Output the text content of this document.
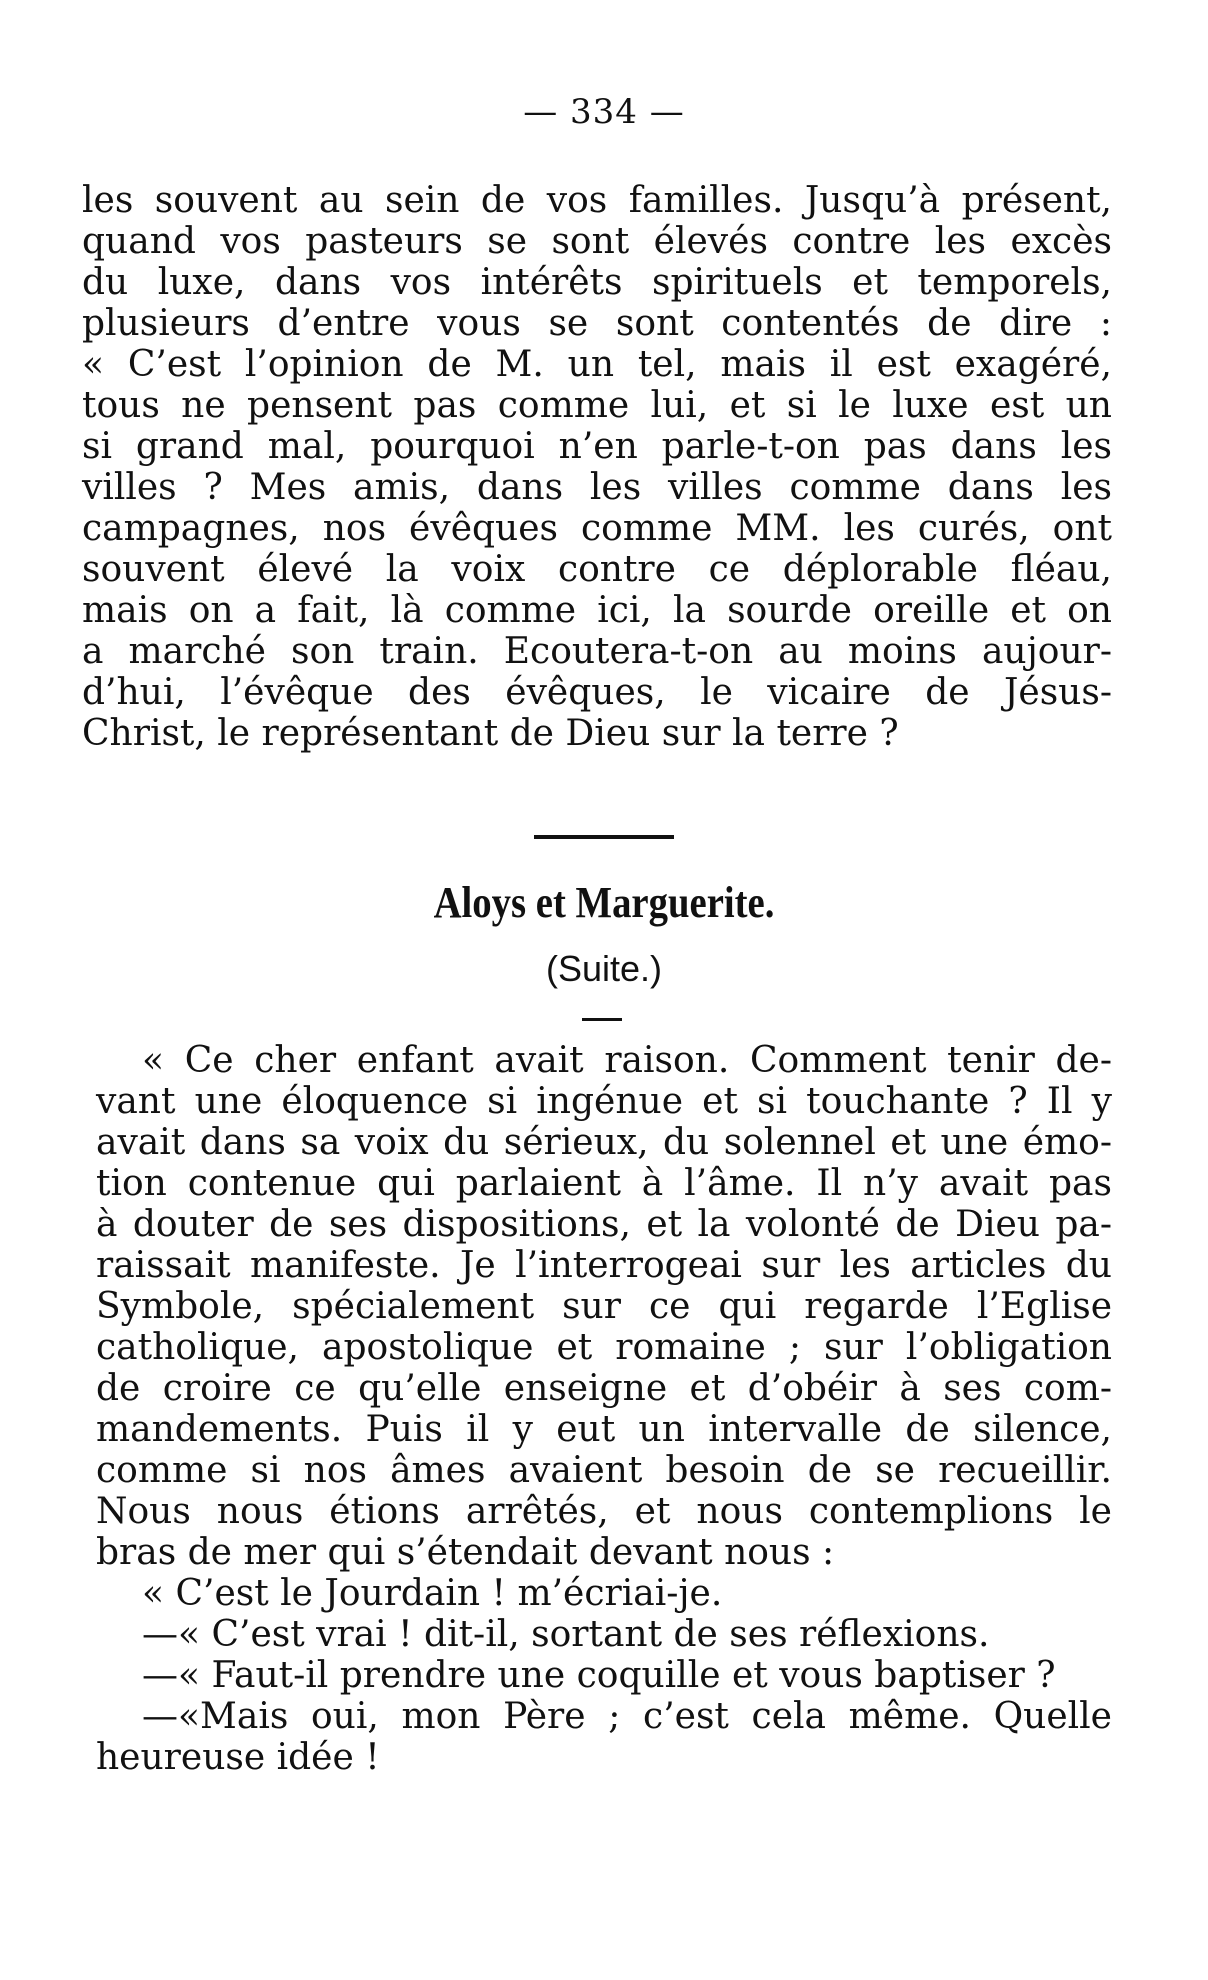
— 334 —
les souvent au sein de vos familles. Jusqu’à présent,
quand vos pasteurs se sont élevés contre les excès
du luxe, dans vos intérêts spirituels et temporels,
plusieurs d’entre vous se sont contentés de dire :
« C’est l’opinion de M. un tel, mais il est exagéré,
tous ne pensent pas comme lui, et si le luxe est un
si grand mal, pourquoi n’en parle-t-on pas dans les
villes ? Mes amis, dans les villes comme dans les
campagnes, nos évêques comme MM. les curés, ont
souvent élevé la voix contre ce déplorable fléau,
mais on a fait, là comme ici, la sourde oreille et on
a marché son train. Ecoutera-t-on au moins aujour-
d’hui, l’évêque des évêques, le vicaire de Jésus-
Christ, le représentant de Dieu sur la terre ?
Aloys et Marguerite.
(Suite.)
« Ce cher enfant avait raison. Comment tenir de-
vant une éloquence si ingénue et si touchante ? Il y
avait dans sa voix du sérieux, du solennel et une émo-
tion contenue qui parlaient à l’âme. Il n’y avait pas
à douter de ses dispositions, et la volonté de Dieu pa-
raissait manifeste. Je l’interrogeai sur les articles du
Symbole, spécialement sur ce qui regarde l’Eglise
catholique, apostolique et romaine ; sur l’obligation
de croire ce qu’elle enseigne et d’obéir à ses com-
mandements. Puis il y eut un intervalle de silence,
comme si nos âmes avaient besoin de se recueillir.
Nous nous étions arrêtés, et nous contemplions le
bras de mer qui s’étendait devant nous :
« C’est le Jourdain ! m’écriai-je.
—« C’est vrai ! dit-il, sortant de ses réflexions.
—« Faut-il prendre une coquille et vous baptiser ?
—«Mais oui, mon Père ; c’est cela même. Quelle
heureuse idée !
